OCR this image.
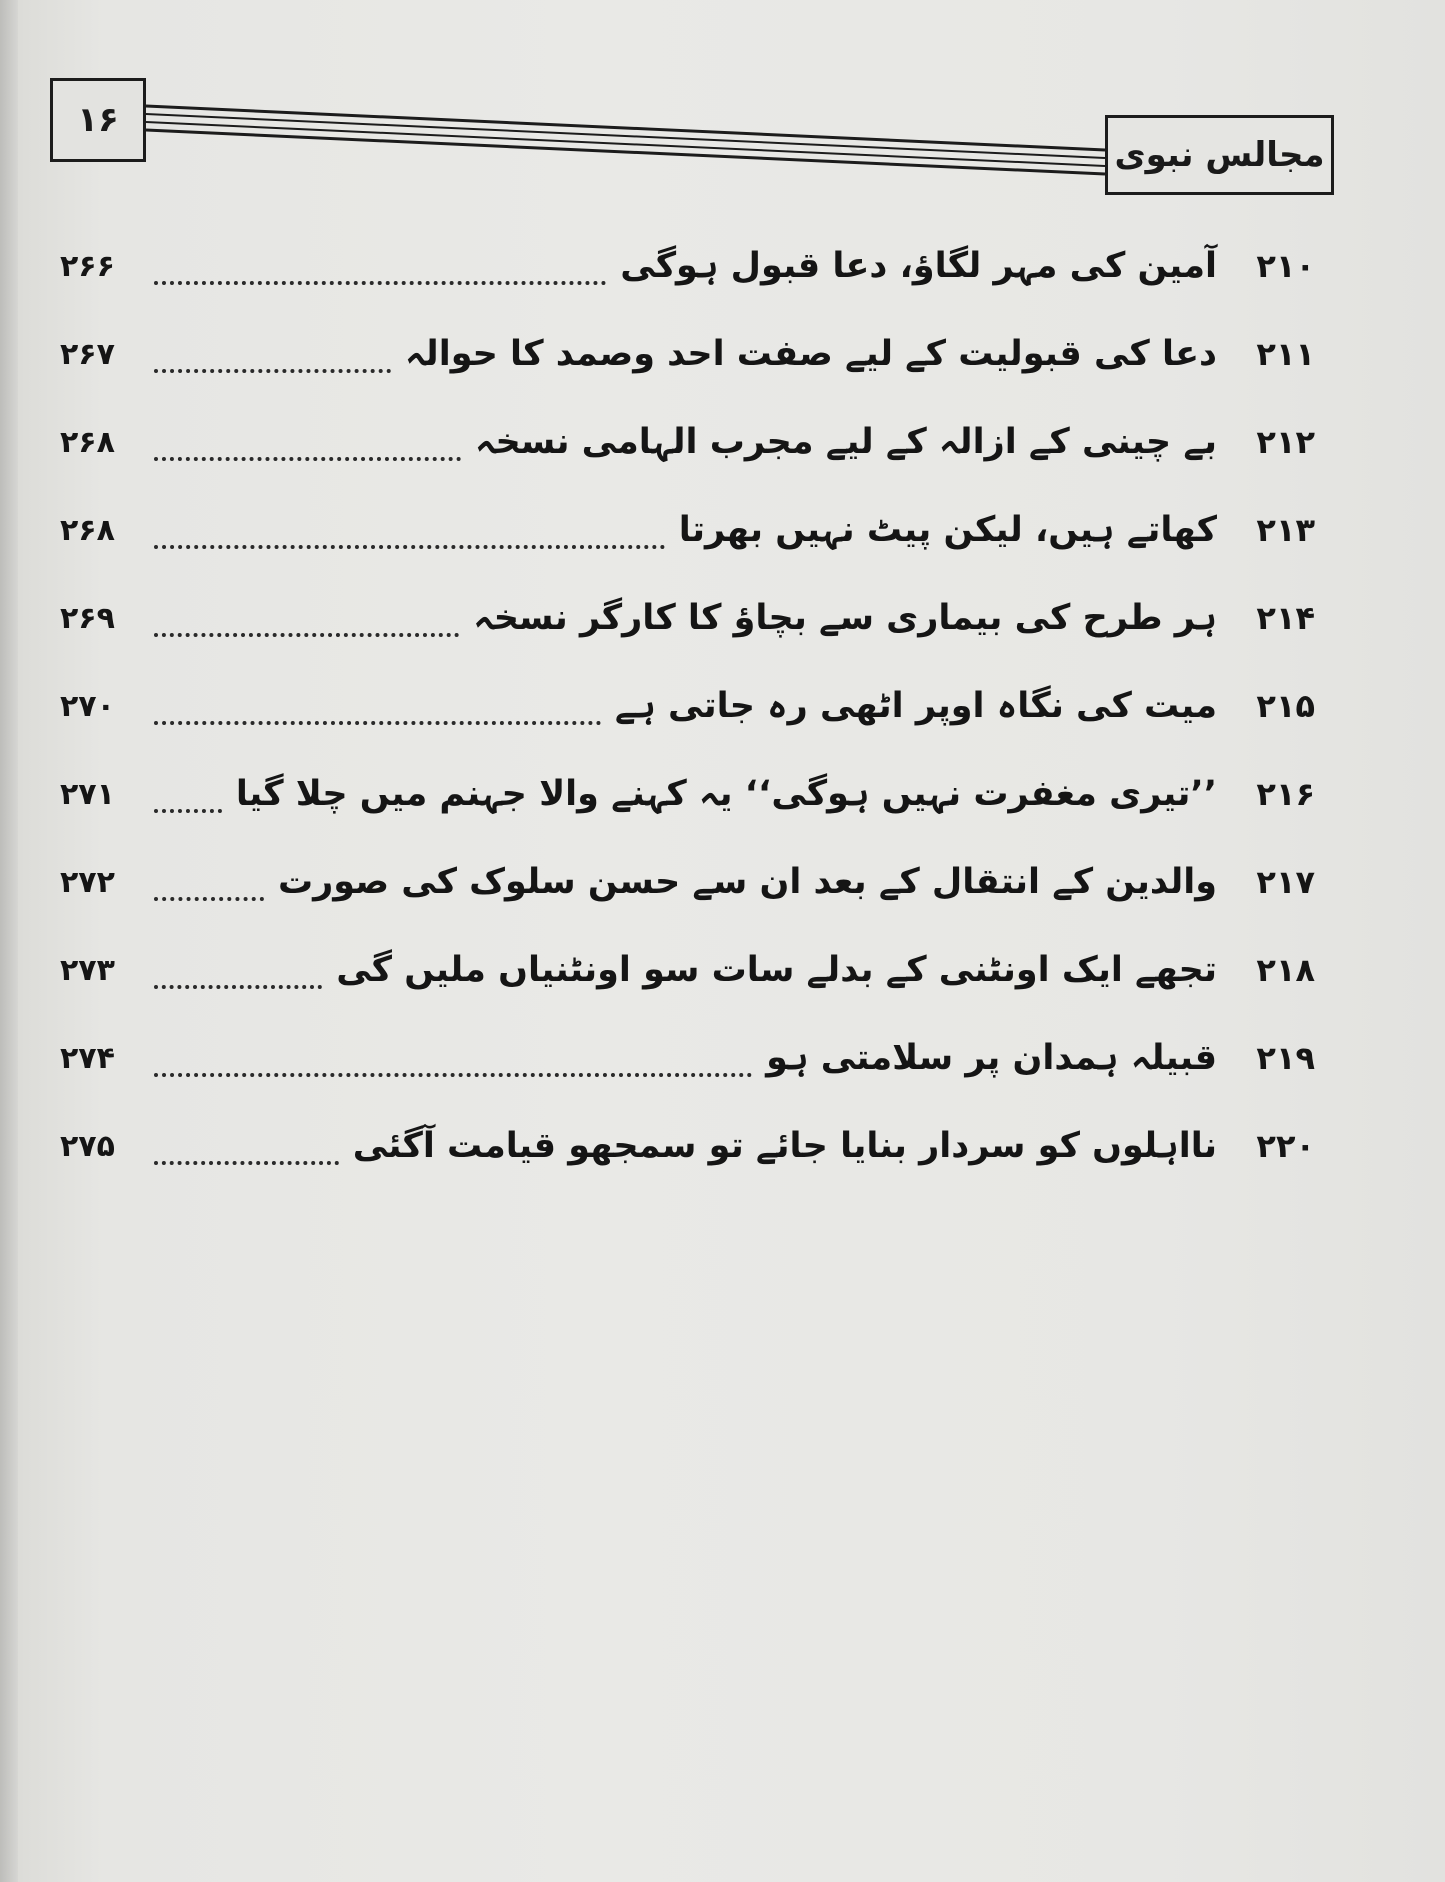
۱۶
مجالس نبوی
۲۱۰
آمین کی مہر لگاؤ، دعا قبول ہوگی
۲۶۶
۲۱۱
دعا کی قبولیت کے لیے صفت احد وصمد کا حوالہ
۲۶۷
۲۱۲
بے چینی کے ازالہ کے لیے مجرب الہامی نسخہ
۲۶۸
۲۱۳
کھاتے ہیں، لیکن پیٹ نہیں بھرتا
۲۶۸
۲۱۴
ہر طرح کی بیماری سے بچاؤ کا کارگر نسخہ
۲۶۹
۲۱۵
میت کی نگاہ اوپر اٹھی رہ جاتی ہے
۲۷۰
۲۱۶
’’تیری مغفرت نہیں ہوگی‘‘ یہ کہنے والا جہنم میں چلا گیا
۲۷۱
۲۱۷
والدین کے انتقال کے بعد ان سے حسن سلوک کی صورت
۲۷۲
۲۱۸
تجھے ایک اونٹنی کے بدلے سات سو اونٹنیاں ملیں گی
۲۷۳
۲۱۹
قبیلہ ہمدان پر سلامتی ہو
۲۷۴
۲۲۰
نااہلوں کو سردار بنایا جائے تو سمجھو قیامت آگئی
۲۷۵
